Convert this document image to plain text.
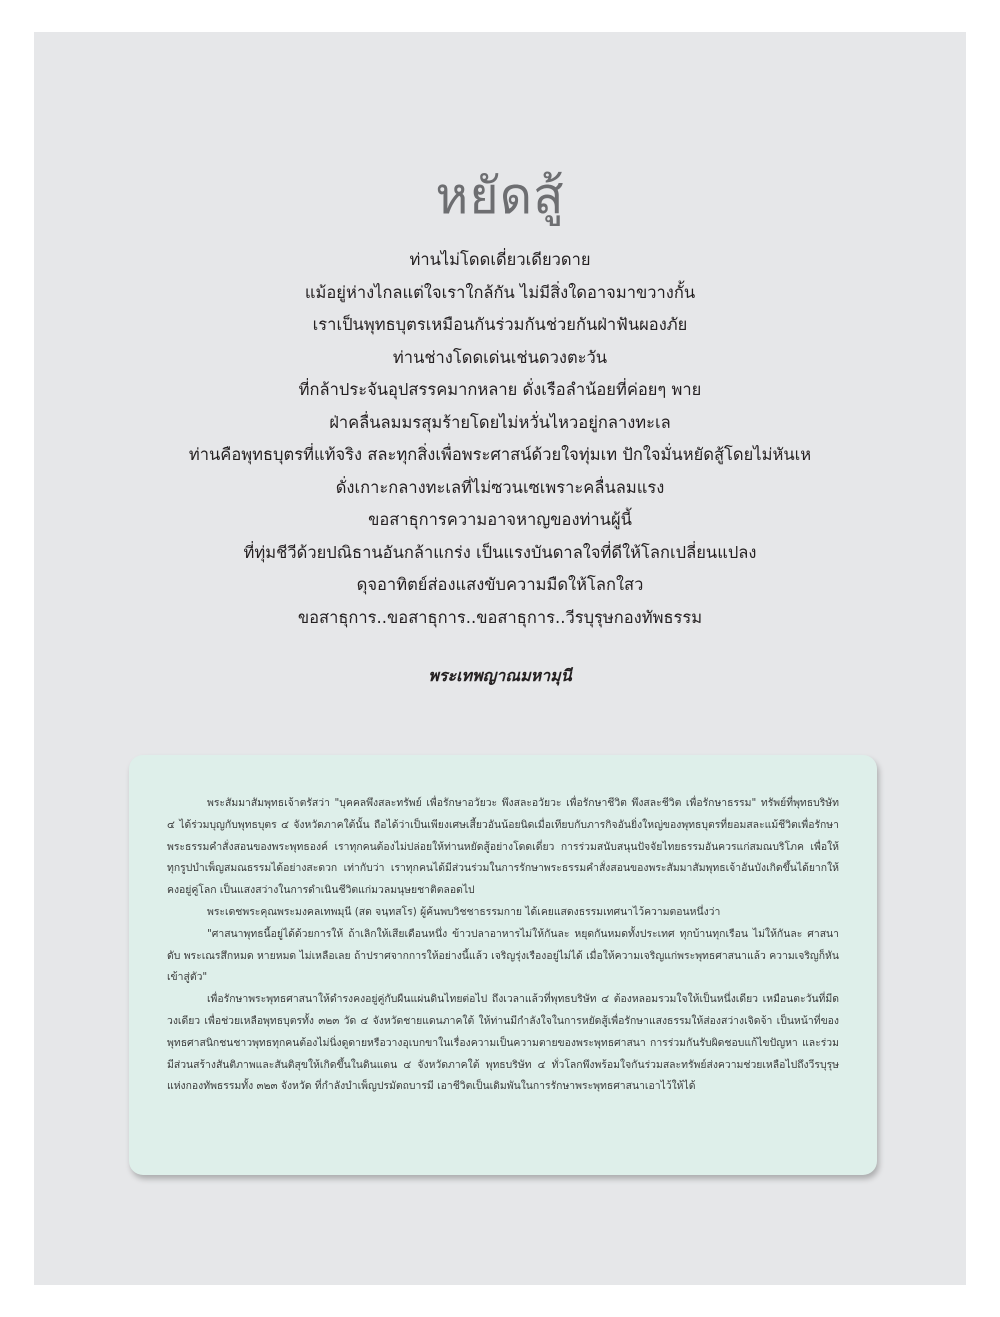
หยัดสู้
ท่านไม่โดดเดี่ยวเดียวดาย
แม้อยู่ห่างไกลแต่ใจเราใกล้กัน ไม่มีสิ่งใดอาจมาขวางกั้น
เราเป็นพุทธบุตรเหมือนกันร่วมกันช่วยกันฝ่าฟันผองภัย
ท่านช่างโดดเด่นเช่นดวงตะวัน
ที่กล้าประจันอุปสรรคมากหลาย ดั่งเรือลำน้อยที่ค่อยๆ พาย
ฝ่าคลื่นลมมรสุมร้ายโดยไม่หวั่นไหวอยู่กลางทะเล
ท่านคือพุทธบุตรที่แท้จริง สละทุกสิ่งเพื่อพระศาสน์ด้วยใจทุ่มเท ปักใจมั่นหยัดสู้โดยไม่หันเห
ดั่งเกาะกลางทะเลที่ไม่ซวนเซเพราะคลื่นลมแรง
ขอสาธุการความอาจหาญของท่านผู้นี้
ที่ทุ่มชีวีด้วยปณิธานอันกล้าแกร่ง เป็นแรงบันดาลใจที่ดีให้โลกเปลี่ยนแปลง
ดุจอาทิตย์ส่องแสงขับความมืดให้โลกใสว
ขอสาธุการ..ขอสาธุการ..ขอสาธุการ..วีรบุรุษกองทัพธรรม
พระเทพญาณมหามุนี

พระสัมมาสัมพุทธเจ้าตรัสว่า "บุคคลพึงสละทรัพย์ เพื่อรักษาอวัยวะ พึงสละอวัยวะ เพื่อรักษาชีวิต พึงสละชีวิต เพื่อรักษาธรรม" ทรัพย์ที่พุทธบริษัท ๔ ได้ร่วมบุญกับพุทธบุตร ๔ จังหวัดภาคใต้นั้น ถือได้ว่าเป็นเพียงเศษเสี้ยวอันน้อยนิดเมื่อเทียบกับภารกิจอันยิ่งใหญ่ของพุทธบุตรที่ยอมสละแม้ชีวิตเพื่อรักษาพระธรรมคำสั่งสอนของพระพุทธองค์ เราทุกคนต้องไม่ปล่อยให้ท่านหยัดสู้อย่างโดดเดี่ยว การร่วมสนับสนุนปัจจัยไทยธรรมอันควรแก่สมณบริโภค เพื่อให้ทุกรูปบำเพ็ญสมณธรรมได้อย่างสะดวก เท่ากับว่า เราทุกคนได้มีส่วนร่วมในการรักษาพระธรรมคำสั่งสอนของพระสัมมาสัมพุทธเจ้าอันบังเกิดขึ้นได้ยากให้คงอยู่คู่โลก เป็นแสงสว่างในการดำเนินชีวิตแก่มวลมนุษยชาติตลอดไป

พระเดชพระคุณพระมงคลเทพมุนี (สด จนฺทสโร) ผู้ค้นพบวิชชาธรรมกาย ได้เคยแสดงธรรมเทศนาไว้ความตอนหนึ่งว่า

"ศาสนาพุทธนี้อยู่ได้ด้วยการให้ ถ้าเลิกให้เสียเดือนหนึ่ง ข้าวปลาอาหารไม่ให้กันละ หยุดกันหมดทั้งประเทศ ทุกบ้านทุกเรือน ไม่ให้กันละ ศาสนาดับ พระเณรสึกหมด หายหมด ไม่เหลือเลย ถ้าปราศจากการให้อย่างนี้แล้ว เจริญรุ่งเรืองอยู่ไม่ได้ เมื่อให้ความเจริญแก่พระพุทธศาสนาแล้ว ความเจริญก็หันเข้าสู่ตัว"

เพื่อรักษาพระพุทธศาสนาให้ดำรงคงอยู่คู่กับผืนแผ่นดินไทยต่อไป ถึงเวลาแล้วที่พุทธบริษัท ๔ ต้องหลอมรวมใจให้เป็นหนึ่งเดียว เหมือนตะวันที่มีดวงเดียว เพื่อช่วยเหลือพุทธบุตรทั้ง ๓๒๓ วัด ๔ จังหวัดชายแดนภาคใต้ ให้ท่านมีกำลังใจในการหยัดสู้เพื่อรักษาแสงธรรมให้ส่องสว่างเจิดจ้า เป็นหน้าที่ของพุทธศาสนิกชนชาวพุทธทุกคนต้องไม่นิ่งดูดายหรือวางอุเบกขาในเรื่องความเป็นความตายของพระพุทธศาสนา การร่วมกันรับผิดชอบแก้ไขปัญหา และร่วมมีส่วนสร้างสันติภาพและสันติสุขให้เกิดขึ้นในดินแดน ๔ จังหวัดภาคใต้ พุทธบริษัท ๔ ทั่วโลกพึงพร้อมใจกันร่วมสละทรัพย์ส่งความช่วยเหลือไปถึงวีรบุรุษแห่งกองทัพธรรมทั้ง ๓๒๓ จังหวัด ที่กำลังบำเพ็ญปรมัตถบารมี เอาชีวิตเป็นเดิมพันในการรักษาพระพุทธศาสนาเอาไว้ให้ได้
